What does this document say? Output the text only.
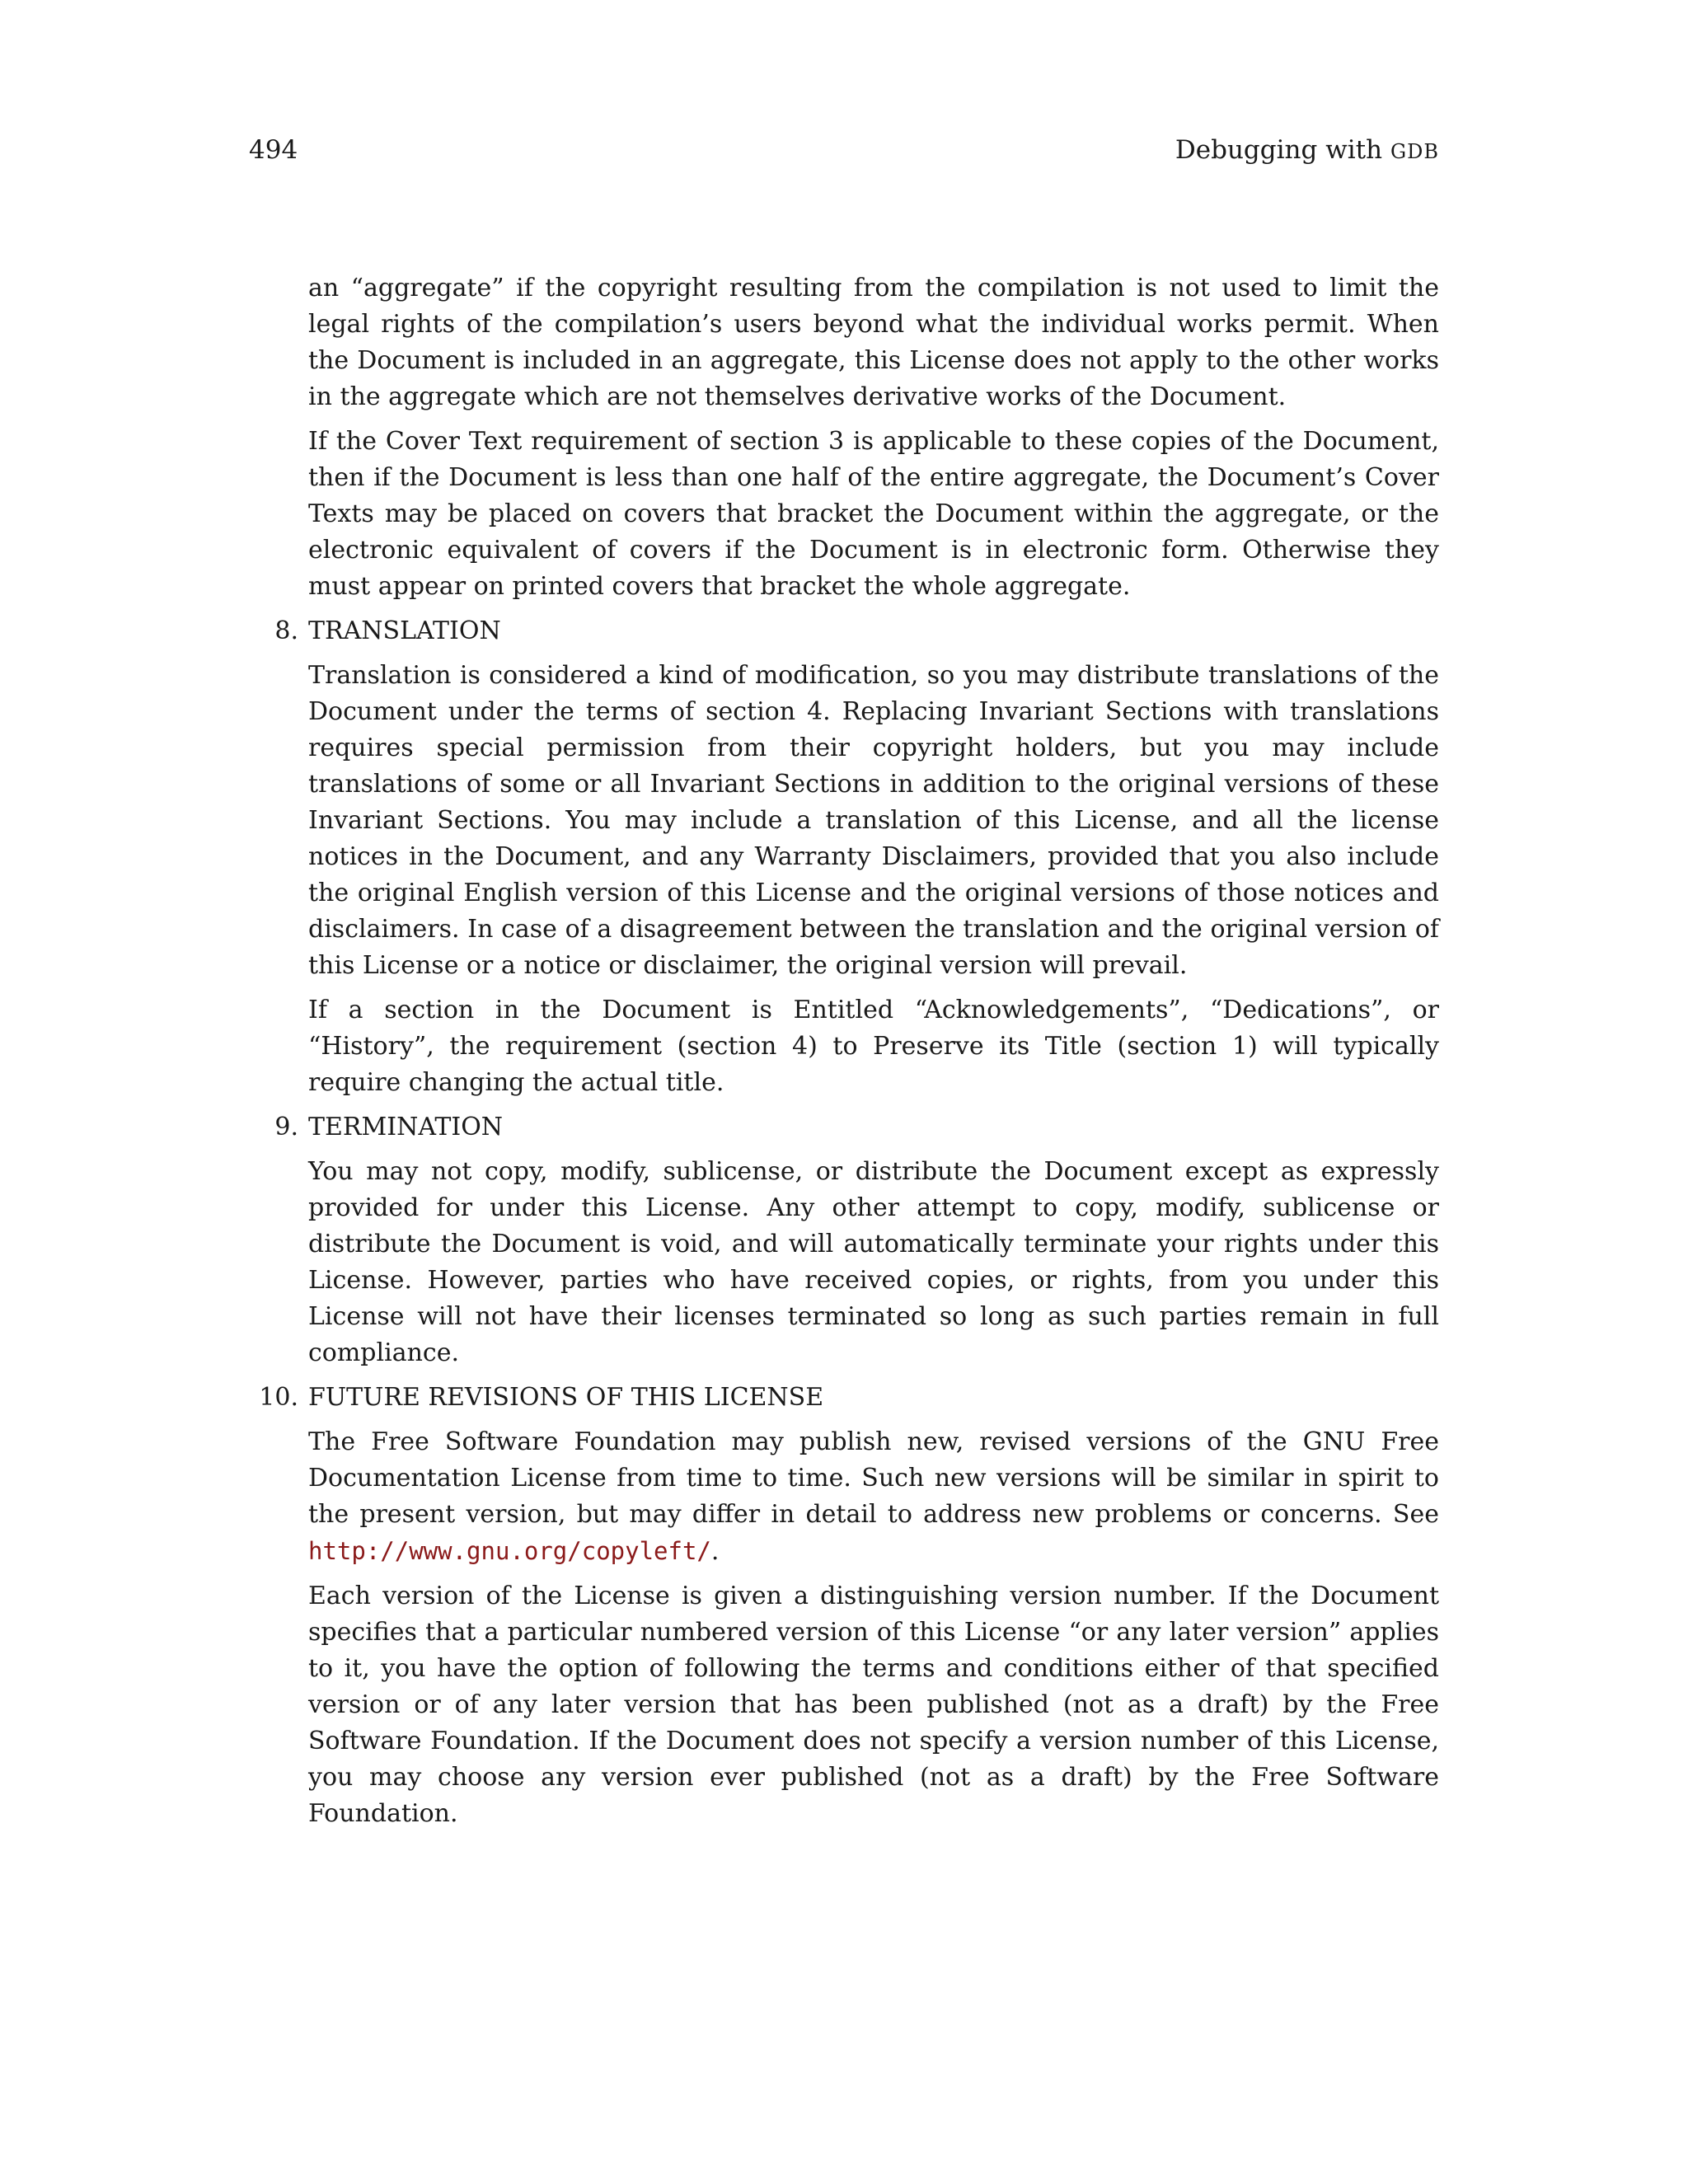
494	Debugging with GDB

an “aggregate” if the copyright resulting from the compilation is not used to limit the legal rights of the compilation’s users beyond what the individual works permit. When the Document is included in an aggregate, this License does not apply to the other works in the aggregate which are not themselves derivative works of the Document.

If the Cover Text requirement of section 3 is applicable to these copies of the Document, then if the Document is less than one half of the entire aggregate, the Document’s Cover Texts may be placed on covers that bracket the Document within the aggregate, or the electronic equivalent of covers if the Document is in electronic form. Otherwise they must appear on printed covers that bracket the whole aggregate.

8. TRANSLATION

Translation is considered a kind of modification, so you may distribute translations of the Document under the terms of section 4. Replacing Invariant Sections with translations requires special permission from their copyright holders, but you may include translations of some or all Invariant Sections in addition to the original versions of these Invariant Sections. You may include a translation of this License, and all the license notices in the Document, and any Warranty Disclaimers, provided that you also include the original English version of this License and the original versions of those notices and disclaimers. In case of a disagreement between the translation and the original version of this License or a notice or disclaimer, the original version will prevail.

If a section in the Document is Entitled “Acknowledgements”, “Dedications”, or “History”, the requirement (section 4) to Preserve its Title (section 1) will typically require changing the actual title.

9. TERMINATION

You may not copy, modify, sublicense, or distribute the Document except as expressly provided for under this License. Any other attempt to copy, modify, sublicense or distribute the Document is void, and will automatically terminate your rights under this License. However, parties who have received copies, or rights, from you under this License will not have their licenses terminated so long as such parties remain in full compliance.

10. FUTURE REVISIONS OF THIS LICENSE

The Free Software Foundation may publish new, revised versions of the GNU Free Documentation License from time to time. Such new versions will be similar in spirit to the present version, but may differ in detail to address new problems or concerns. See http://www.gnu.org/copyleft/.

Each version of the License is given a distinguishing version number. If the Document specifies that a particular numbered version of this License “or any later version” applies to it, you have the option of following the terms and conditions either of that specified version or of any later version that has been published (not as a draft) by the Free Software Foundation. If the Document does not specify a version number of this License, you may choose any version ever published (not as a draft) by the Free Software Foundation.
